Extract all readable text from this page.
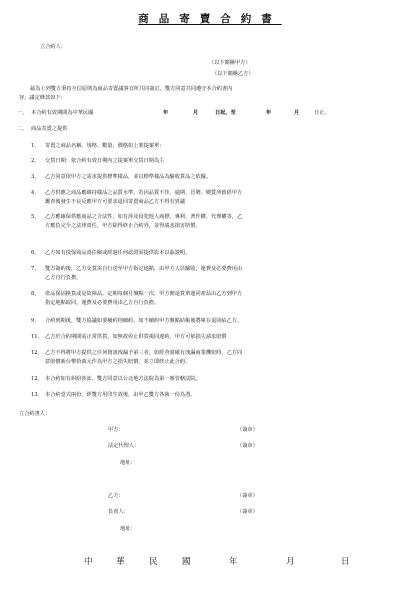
商品寄賣合約書
立合約人：
（以下簡稱甲方）
（以下簡稱乙方）
茲為上列雙方秉持互信原則為商品寄賣議事宜所共同簽訂，雙方同意共同遵守本合約書內
容，議定條款如下：
一、 本合約有效期間為中華民國	年	月	日起，至	年	月	日止。
二、 商品寄賣之提供
1、 寄賣之商品名稱、規格、數量，價格如上架提案單：
2、 交貨日期：依合約有效日期內之提案單交貨日期為主
3、 乙方同意依甲方之需求提供標準樣品，並以標準樣品為驗收貨品之依據。
4、 乙方供應之商品應維持樣品之品質水準，若因品質不佳、逾期、冒牌、變質所致經甲方
鑑查後發生不良反應甲方可要求退回寄賣商品乙方不得有異議
5、 乙方應確保供應商品之合法性，如有涉及侵犯他人商標、專利、著作權、代理權等，乙
方應負完全之法律責任，甲方除得終止合約外，並得請求損害賠償。
6、 乙方如有投保商品責任險或經過任何認證需提供影本以茲證明。
7、 雙方簽約後，乙方交貨需自行送至甲方指定地點，由甲方人員驗收，運費及必要費用由
乙方自行負擔。
8、 產品保固換貨或是故障品，定期每個月盤點一次，甲方開退貨單連同產品由乙方到甲方
指定地點取回，運費及必要費用由乙方自行負擔。
9、 合約到期後，雙方協議如要續約則續約，如不續約甲方盤點結帳後將庫存退回給乙方。
11、 乙方於合約期間需正常供貨，如無故停止供貨視同違約，甲方可依損失請求賠償
12、 乙方不得將甲方提供之任何資訊洩漏予第三者，如經查證確有洩漏商業機密時，乙方同
意賠償新台幣拾萬元作為甲方之損失賠償，並立即終止此合約。
12、 本合約如有糾紛涉訟，雙方同意以台北地方法院為第一審管轄法院。
13、 本合約壹式兩份，經雙方用印生效後，由甲乙雙方各執一份為憑。
立合約書人：
甲方：	（簽章）
法定代理人：	（簽章）
地址：
乙方：	（簽章）
負責人：	（簽章）
地址：
中	華	民	國	年	月	日
